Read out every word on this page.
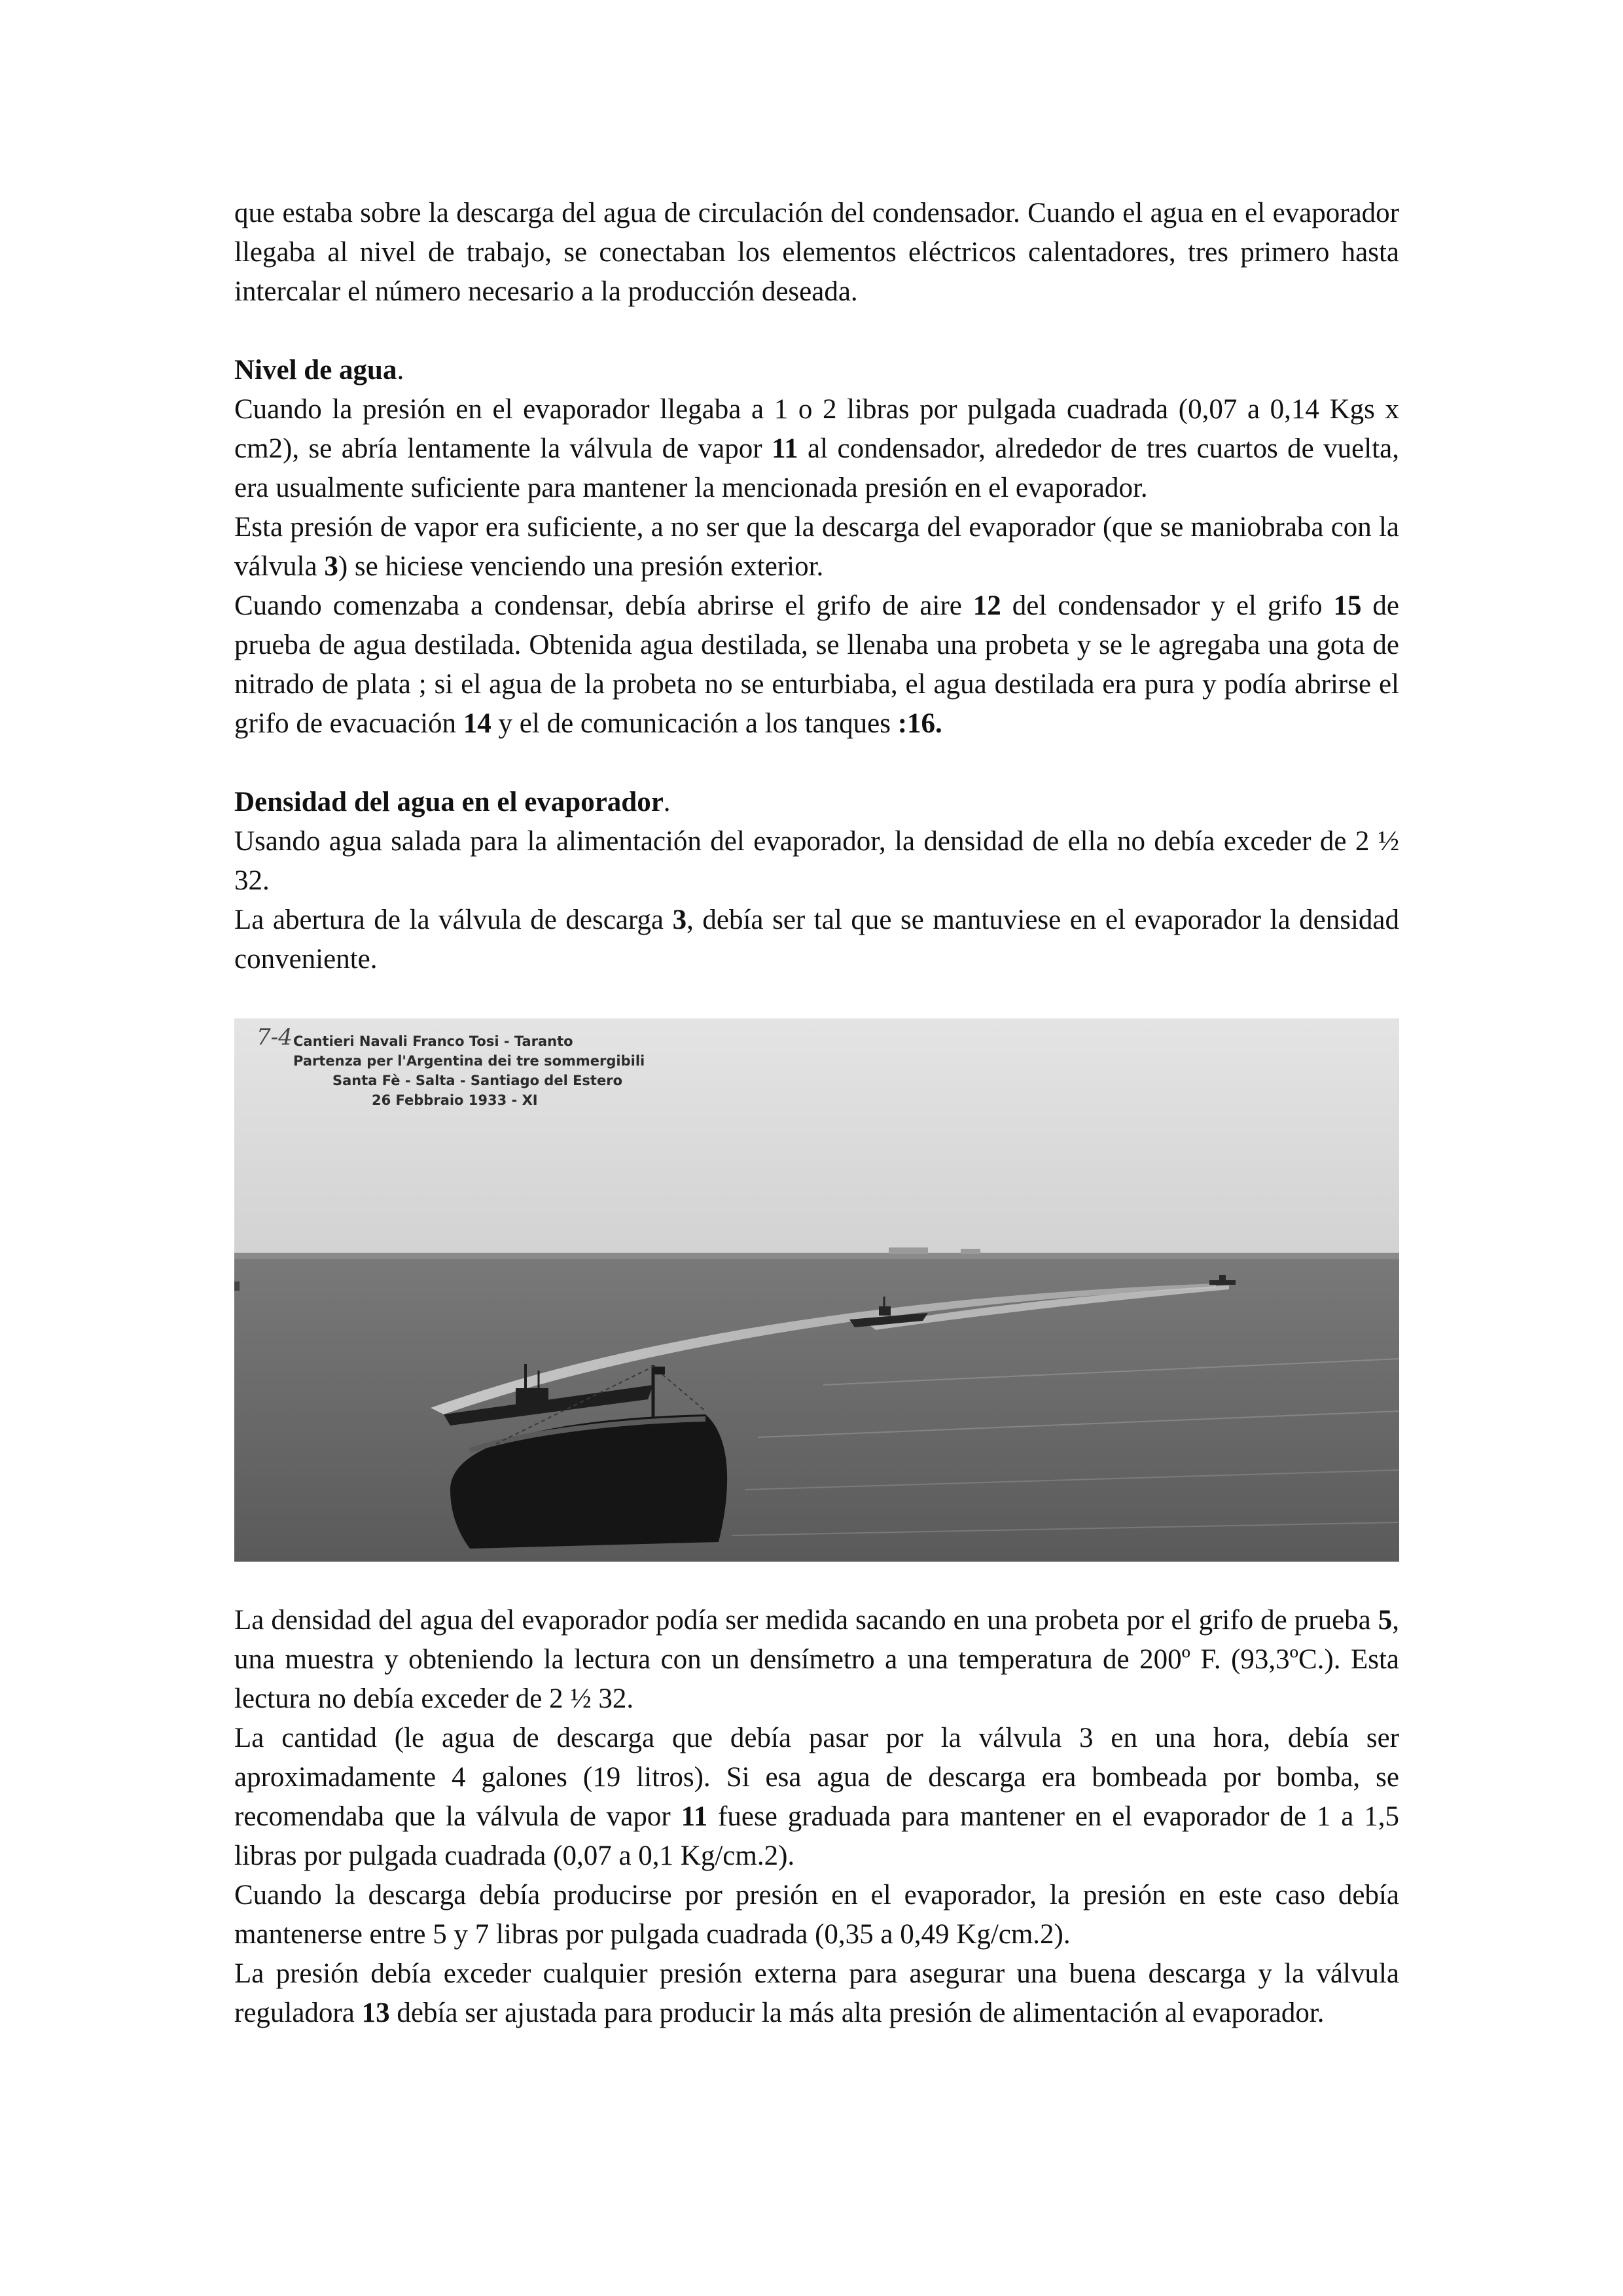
que estaba sobre la descarga del agua de circulación del condensador. Cuando el agua en el evaporador llegaba al nivel de trabajo, se conectaban los elementos eléctricos calentadores, tres primero hasta intercalar el número necesario a la producción deseada.

Nivel de agua.

Cuando la presión en el evaporador llegaba a 1 o 2 libras por pulgada cuadrada (0,07 a 0,14 Kgs x cm2), se abría lentamente la válvula de vapor 11 al condensador, alrededor de tres cuartos de vuelta, era usualmente suficiente para mantener la mencionada presión en el evaporador.

Esta presión de vapor era suficiente, a no ser que la descarga del evaporador (que se maniobraba con la válvula 3) se hiciese venciendo una presión exterior.

Cuando comenzaba a condensar, debía abrirse el grifo de aire 12 del condensador y el grifo 15 de prueba de agua destilada. Obtenida agua destilada, se llenaba una probeta y se le agregaba una gota de nitrado de plata ; si el agua de la probeta no se enturbiaba, el agua destilada era pura y podía abrirse el grifo de evacuación 14 y el de comunicación a los tanques :16.

Densidad del agua en el evaporador.

Usando agua salada para la alimentación del evaporador, la densidad de ella no debía exceder de 2 ½ 32.

La abertura de la válvula de descarga 3, debía ser tal que se mantuviese en el evaporador la densidad conveniente.

7-4 Cantieri Navali Franco Tosi - Taranto
Partenza per l'Argentina dei tre sommergibili
Santa Fè - Salta - Santiago del Estero
26 Febbraio 1933 - XI

La densidad del agua del evaporador podía ser medida sacando en una probeta por el grifo de prueba 5, una muestra y obteniendo la lectura con un densímetro a una temperatura de 200º F. (93,3ºC.). Esta lectura no debía exceder de 2 ½ 32.

La cantidad (le agua de descarga que debía pasar por la válvula 3 en una hora, debía ser aproximadamente 4 galones (19 litros). Si esa agua de descarga era bombeada por bomba, se recomendaba que la válvula de vapor 11 fuese graduada para mantener en el evaporador de 1 a 1,5 libras por pulgada cuadrada (0,07 a 0,1 Kg/cm.2).

Cuando la descarga debía producirse por presión en el evaporador, la presión en este caso debía mantenerse entre 5 y 7 libras por pulgada cuadrada (0,35 a 0,49 Kg/cm.2).

La presión debía exceder cualquier presión externa para asegurar una buena descarga y la válvula reguladora 13 debía ser ajustada para producir la más alta presión de alimentación al evaporador.
